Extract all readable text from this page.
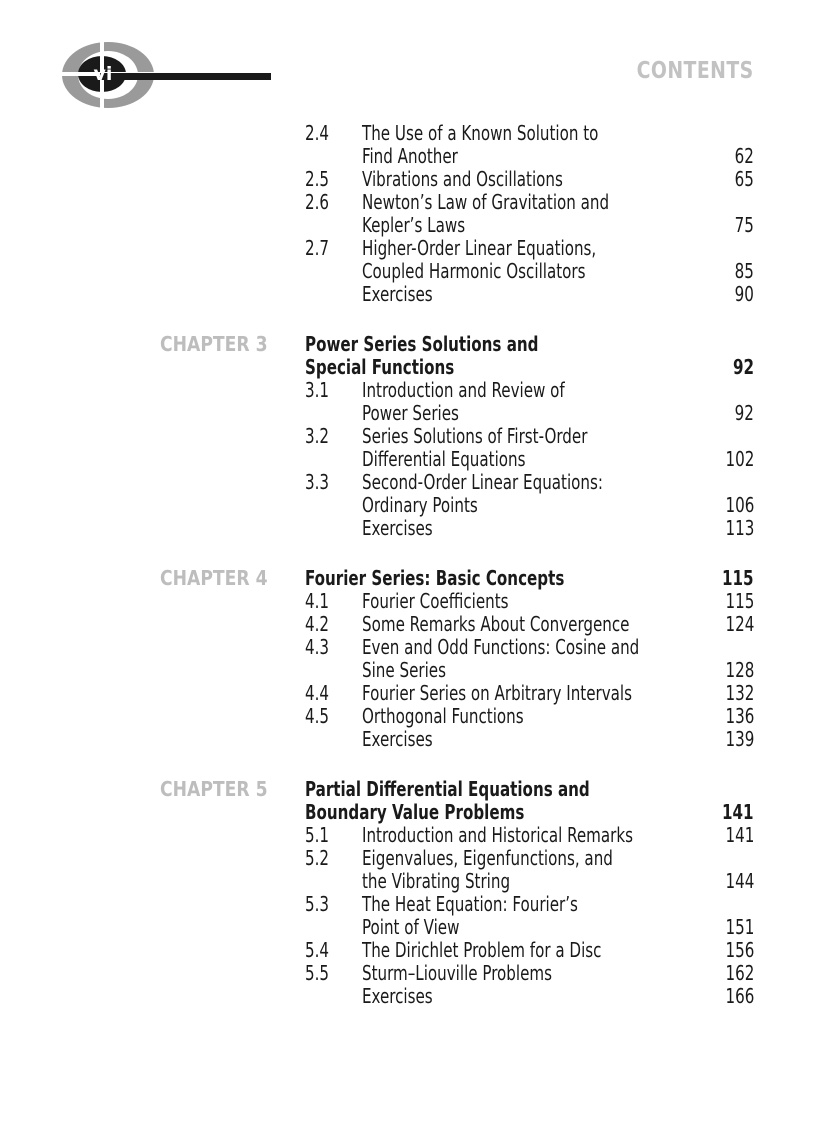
vi	CONTENTS
2.4 The Use of a Known Solution to
Find Another	62
2.5 Vibrations and Oscillations	65
2.6 Newton’s Law of Gravitation and
Kepler’s Laws	75
2.7 Higher-Order Linear Equations,
Coupled Harmonic Oscillators	85
Exercises	90
CHAPTER 3 Power Series Solutions and
Special Functions	92
3.1 Introduction and Review of
Power Series	92
3.2 Series Solutions of First-Order
Differential Equations	102
3.3 Second-Order Linear Equations:
Ordinary Points	106
Exercises	113
CHAPTER 4 Fourier Series: Basic Concepts	115
4.1 Fourier Coefficients	115
4.2 Some Remarks About Convergence	124
4.3 Even and Odd Functions: Cosine and
Sine Series	128
4.4 Fourier Series on Arbitrary Intervals	132
4.5 Orthogonal Functions	136
Exercises	139
CHAPTER 5 Partial Differential Equations and
Boundary Value Problems	141
5.1 Introduction and Historical Remarks	141
5.2 Eigenvalues, Eigenfunctions, and
the Vibrating String	144
5.3 The Heat Equation: Fourier’s
Point of View	151
5.4 The Dirichlet Problem for a Disc	156
5.5 Sturm–Liouville Problems	162
Exercises	166
